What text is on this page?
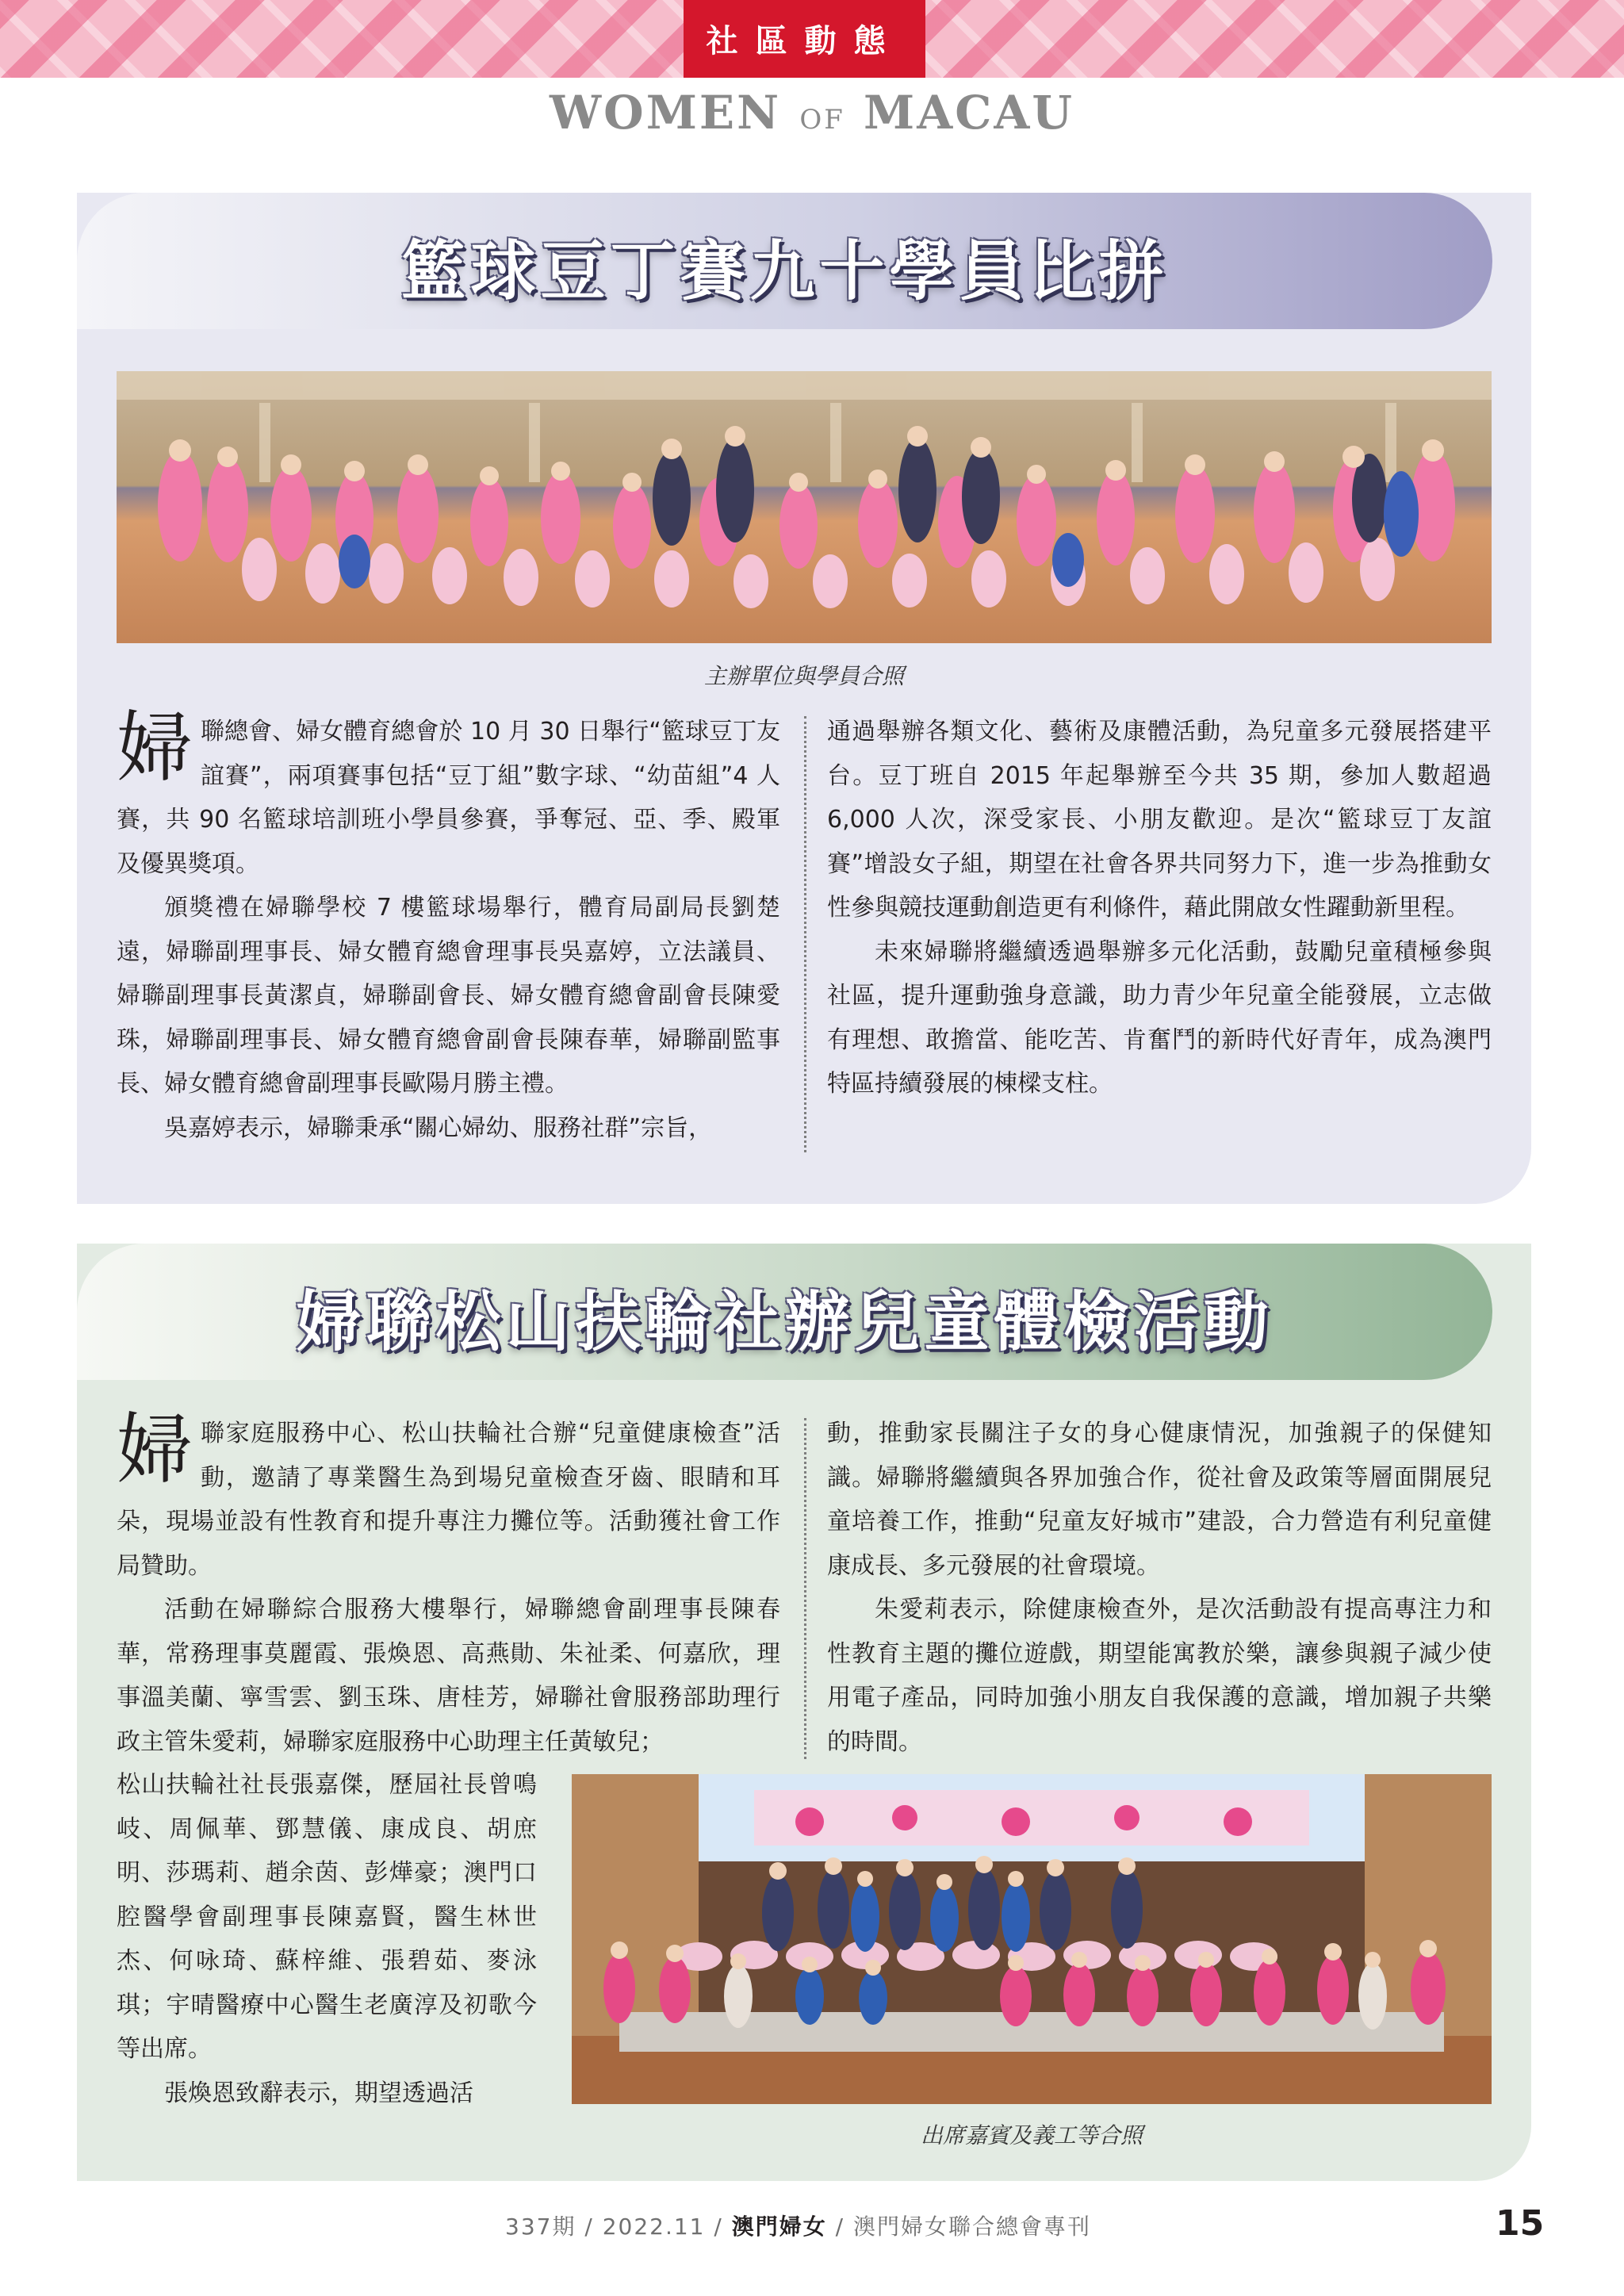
社區動態
WOMEN OF MACAU
籃球豆丁賽九十學員比拼
主辦單位與學員合照

婦聯總會、婦女體育總會於 10 月 30 日舉行“籃球豆丁友誼賽”，兩項賽事包括“豆丁組”數字球、“幼苗組”4 人賽，共 90 名籃球培訓班小學員參賽，爭奪冠、亞、季、殿軍及優異獎項。

頒獎禮在婦聯學校 7 樓籃球場舉行，體育局副局長劉楚遠，婦聯副理事長、婦女體育總會理事長吳嘉婷，立法議員、婦聯副理事長黃潔貞，婦聯副會長、婦女體育總會副會長陳愛珠，婦聯副理事長、婦女體育總會副會長陳春華，婦聯副監事長、婦女體育總會副理事長歐陽月勝主禮。

吳嘉婷表示，婦聯秉承“關心婦幼、服務社群”宗旨，

通過舉辦各類文化、藝術及康體活動，為兒童多元發展搭建平台。豆丁班自 2015 年起舉辦至今共 35 期，參加人數超過 6,000 人次，深受家長、小朋友歡迎。是次“籃球豆丁友誼賽”增設女子組，期望在社會各界共同努力下，進一步為推動女性參與競技運動創造更有利條件，藉此開啟女性躍動新里程。

未來婦聯將繼續透過舉辦多元化活動，鼓勵兒童積極參與社區，提升運動強身意識，助力青少年兒童全能發展，立志做有理想、敢擔當、能吃苦、肯奮鬥的新時代好青年，成為澳門特區持續發展的棟樑支柱。

婦聯松山扶輪社辦兒童體檢活動

婦聯家庭服務中心、松山扶輪社合辦“兒童健康檢查”活動，邀請了專業醫生為到場兒童檢查牙齒、眼睛和耳朵，現場並設有性教育和提升專注力攤位等。活動獲社會工作局贊助。

活動在婦聯綜合服務大樓舉行，婦聯總會副理事長陳春華，常務理事莫麗霞、張煥恩、高燕勛、朱祉柔、何嘉欣，理事溫美蘭、寧雪雲、劉玉珠、唐桂芳，婦聯社會服務部助理行政主管朱愛莉，婦聯家庭服務中心助理主任黃敏兒；

松山扶輪社社長張嘉傑，歷屆社長曾鳴岐、周佩華、鄧慧儀、康成良、胡庶明、莎瑪莉、趙余茵、彭燁豪；澳門口腔醫學會副理事長陳嘉賢，醫生林世杰、何咏琦、蘇梓維、張碧茹、麥泳琪；宇晴醫療中心醫生老廣淳及初歌今等出席。

張煥恩致辭表示，期望透過活

動，推動家長關注子女的身心健康情況，加強親子的保健知識。婦聯將繼續與各界加強合作，從社會及政策等層面開展兒童培養工作，推動“兒童友好城市”建設，合力營造有利兒童健康成長、多元發展的社會環境。

朱愛莉表示，除健康檢查外，是次活動設有提高專注力和性教育主題的攤位遊戲，期望能寓教於樂，讓參與親子減少使用電子產品，同時加強小朋友自我保護的意識，增加親子共樂的時間。

出席嘉賓及義工等合照
337期 / 2022.11 / 澳門婦女 / 澳門婦女聯合總會專刊	15
